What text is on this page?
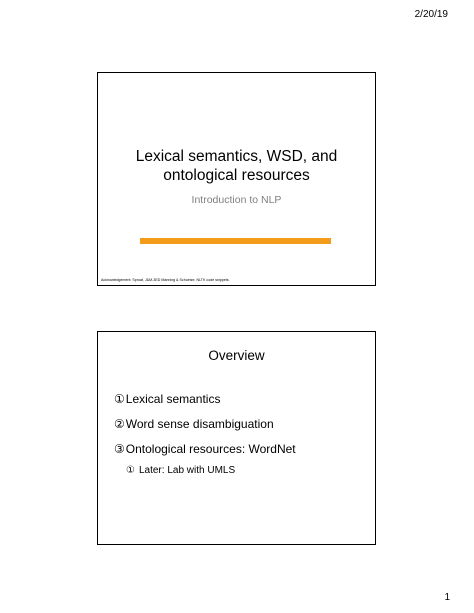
2/20/19
Lexical semantics, WSD, and
ontological resources
Introduction to NLP
Acknowledgement: Sproat, J&M-3ED Manning & Schuetze, NLTK code snippets.
Overview
① Lexical semantics
② Word sense disambiguation
③ Ontological resources: WordNet
① Later: Lab with UMLS
1
